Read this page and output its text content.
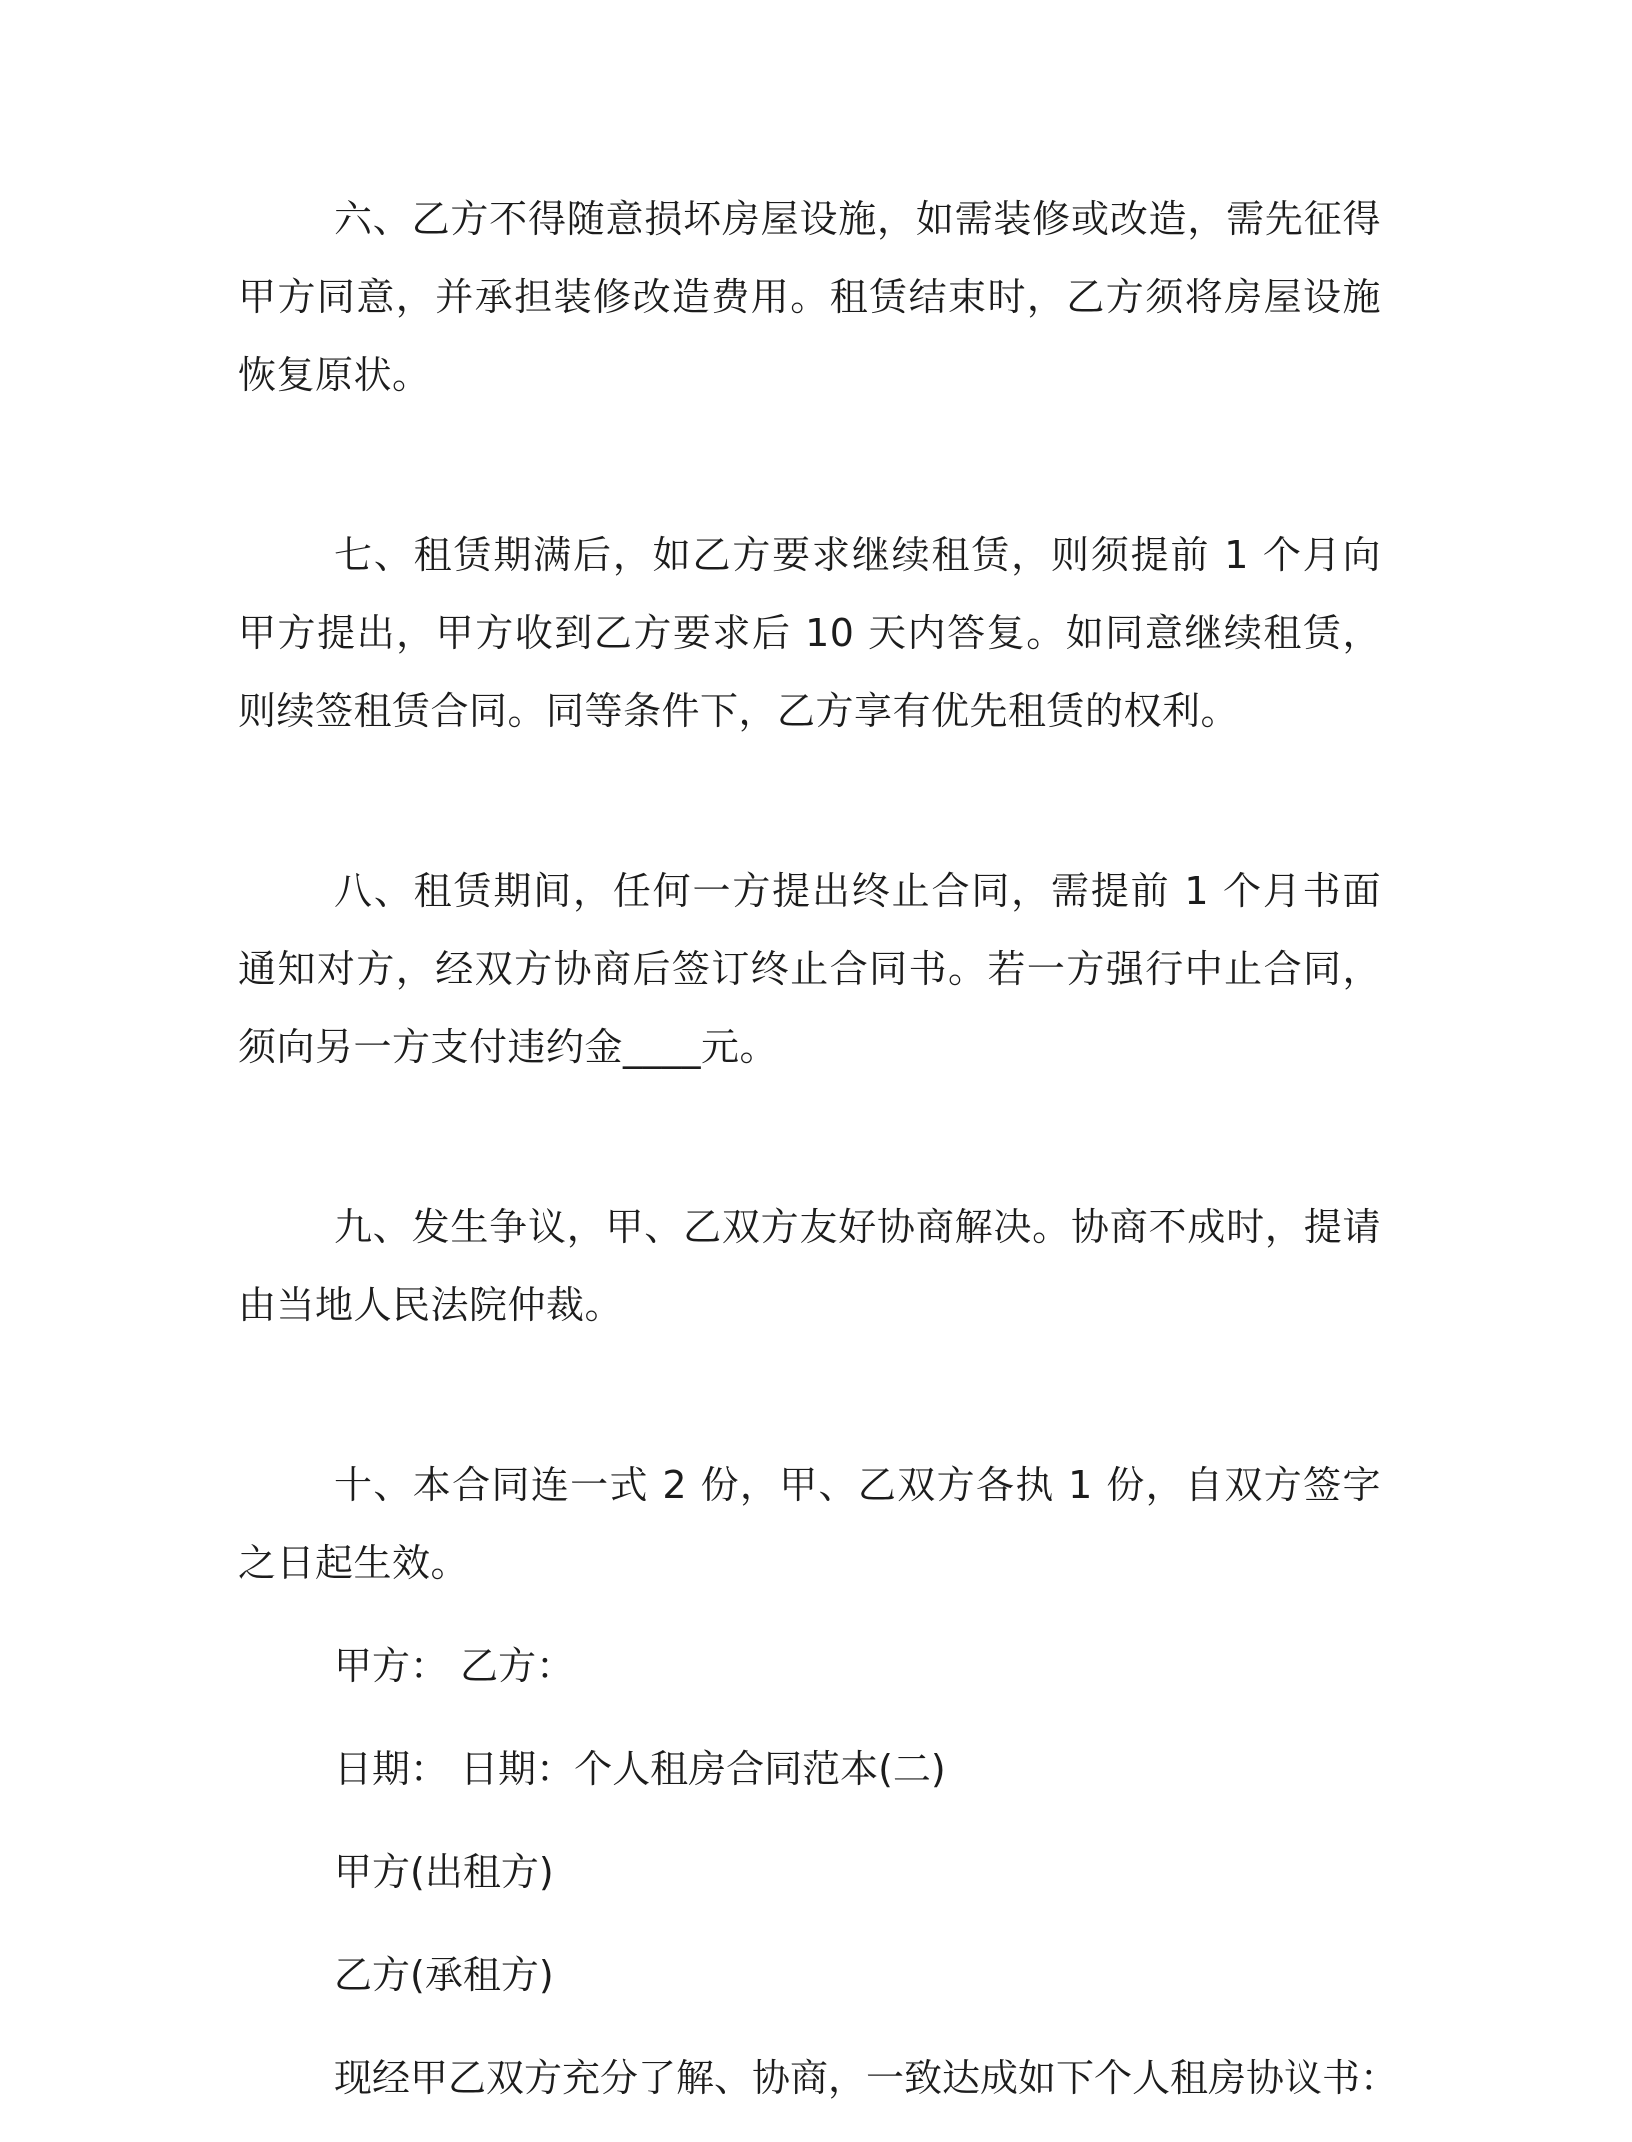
六、乙方不得随意损坏房屋设施，如需装修或改造，需先征得甲方同意，并承担装修改造费用。租赁结束时，乙方须将房屋设施恢复原状。

七、租赁期满后，如乙方要求继续租赁，则须提前 1 个月向甲方提出，甲方收到乙方要求后 10 天内答复。如同意继续租赁，则续签租赁合同。同等条件下，乙方享有优先租赁的权利。

八、租赁期间，任何一方提出终止合同，需提前 1 个月书面通知对方，经双方协商后签订终止合同书。若一方强行中止合同，须向另一方支付违约金____元。

九、发生争议，甲、乙双方友好协商解决。协商不成时，提请由当地人民法院仲裁。

十、本合同连一式 2 份，甲、乙双方各执 1 份，自双方签字之日起生效。

甲方： 乙方：
日期： 日期：个人租房合同范本(二)
甲方(出租方)
乙方(承租方)
现经甲乙双方充分了解、协商，一致达成如下个人租房协议书：
